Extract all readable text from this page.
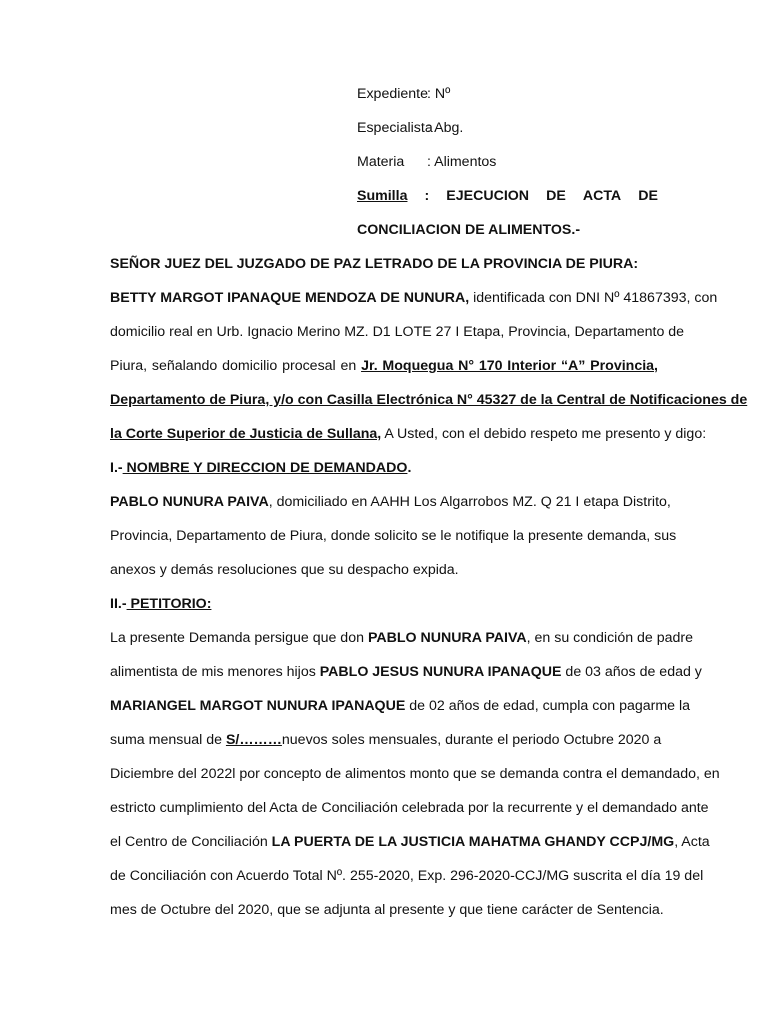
Expediente: Nº
Especialista: Abg.
Materia : Alimentos
Sumilla : EJECUCION DE ACTA DE
CONCILIACION DE ALIMENTOS.-
SEÑOR JUEZ DEL JUZGADO DE PAZ LETRADO DE LA PROVINCIA DE PIURA:
BETTY MARGOT IPANAQUE MENDOZA DE NUNURA, identificada con DNI Nº 41867393, con
domicilio real en Urb. Ignacio Merino MZ. D1 LOTE 27 I Etapa, Provincia, Departamento de
Piura, señalando domicilio procesal en Jr. Moquegua N° 170 Interior “A” Provincia,
Departamento de Piura, y/o con Casilla Electrónica N° 45327 de la Central de Notificaciones de
la Corte Superior de Justicia de Sullana, A Usted, con el debido respeto me presento y digo:
I.- NOMBRE Y DIRECCION DE DEMANDADO.
PABLO NUNURA PAIVA, domiciliado en AAHH Los Algarrobos MZ. Q 21 I etapa Distrito,
Provincia, Departamento de Piura, donde solicito se le notifique la presente demanda, sus
anexos y demás resoluciones que su despacho expida.
II.- PETITORIO:
La presente Demanda persigue que don PABLO NUNURA PAIVA, en su condición de padre
alimentista de mis menores hijos PABLO JESUS NUNURA IPANAQUE de 03 años de edad y
MARIANGEL MARGOT NUNURA IPANAQUE de 02 años de edad, cumpla con pagarme la
suma mensual de S/………nuevos soles mensuales, durante el periodo Octubre 2020 a
Diciembre del 2022l por concepto de alimentos monto que se demanda contra el demandado, en
estricto cumplimiento del Acta de Conciliación celebrada por la recurrente y el demandado ante
el Centro de Conciliación LA PUERTA DE LA JUSTICIA MAHATMA GHANDY CCPJ/MG, Acta
de Conciliación con Acuerdo Total Nº. 255-2020, Exp. 296-2020-CCJ/MG suscrita el día 19 del
mes de Octubre del 2020, que se adjunta al presente y que tiene carácter de Sentencia.
